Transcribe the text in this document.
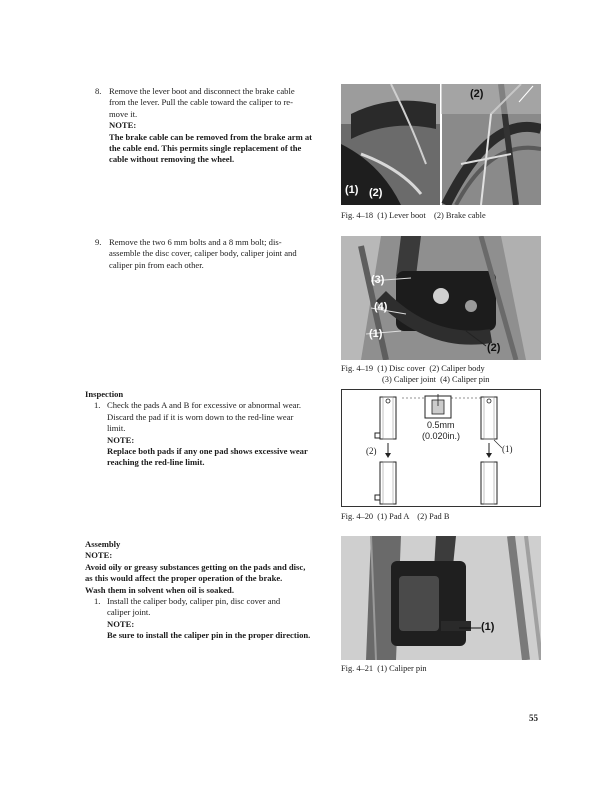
8. Remove the lever boot and disconnect the brake cable
from the lever. Pull the cable toward the caliper to re-
move it.
NOTE:
The brake cable can be removed from the brake arm at
the cable end. This permits single replacement of the
cable without removing the wheel.
9. Remove the two 6 mm bolts and a 8 mm bolt; dis-
assemble the disc cover, caliper body, caliper joint and
caliper pin from each other.
Inspection
1. Check the pads A and B for excessive or abnormal wear.
Discard the pad if it is worn down to the red-line wear
limit.
NOTE:
Replace both pads if any one pad shows excessive wear
reaching the red-line limit.
Assembly
NOTE:
Avoid oily or greasy substances getting on the pads and disc,
as this would affect the proper operation of the brake.
Wash them in solvent when oil is soaked.
1. Install the caliper body, caliper pin, disc cover and
caliper joint.
NOTE:
Be sure to install the caliper pin in the proper direction.
(1) (2)
(2)
Fig. 4–18  (1) Lever boot    (2) Brake cable
(3)
(4)
(1)
(2)
Fig. 4–19  (1) Disc cover  (2) Caliper body
(3) Caliper joint  (4) Caliper pin
0.5mm
(0.020in.)
(2)	(1)
Fig. 4–20  (1) Pad A    (2) Pad B
(1)
Fig. 4–21  (1) Caliper pin
55
